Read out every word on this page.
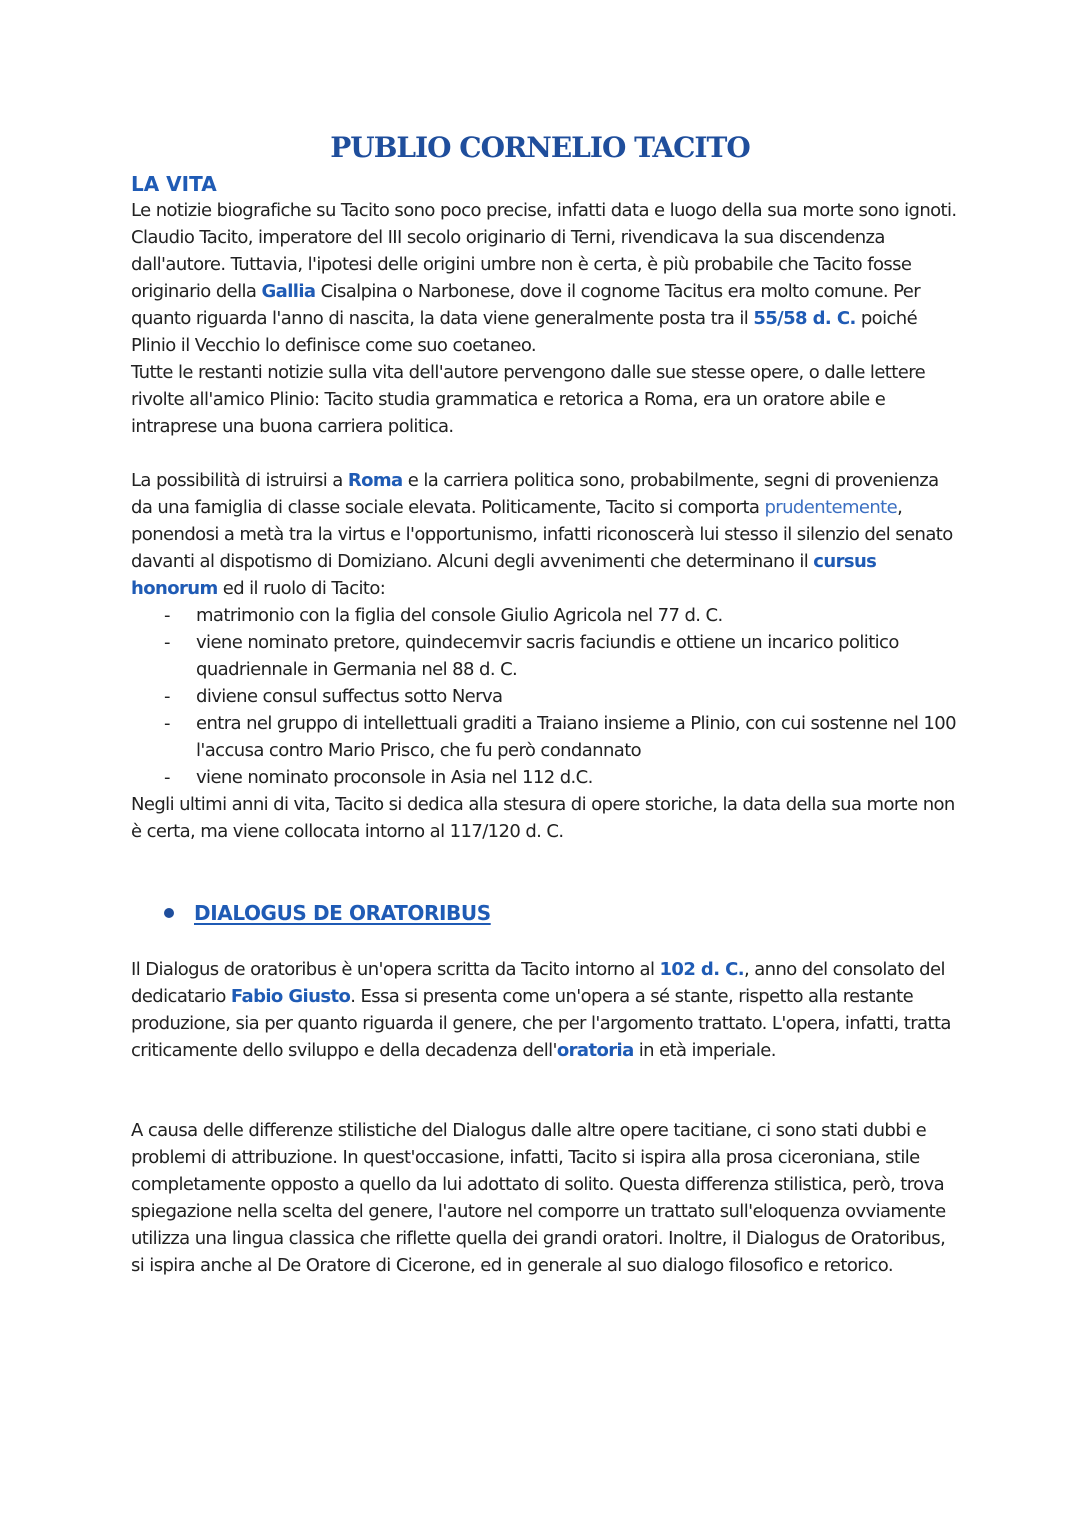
PUBLIO CORNELIO TACITO
LA VITA
Le notizie biografiche su Tacito sono poco precise, infatti data e luogo della sua morte sono ignoti. Claudio Tacito, imperatore del III secolo originario di Terni, rivendicava la sua discendenza dall'autore. Tuttavia, l'ipotesi delle origini umbre non è certa, è più probabile che Tacito fosse originario della Gallia Cisalpina o Narbonese, dove il cognome Tacitus era molto comune. Per quanto riguarda l'anno di nascita, la data viene generalmente posta tra il 55/58 d. C. poiché Plinio il Vecchio lo definisce come suo coetaneo.
Tutte le restanti notizie sulla vita dell'autore pervengono dalle sue stesse opere, o dalle lettere rivolte all'amico Plinio: Tacito studia grammatica e retorica a Roma, era un oratore abile e intraprese una buona carriera politica.
La possibilità di istruirsi a Roma e la carriera politica sono, probabilmente, segni di provenienza da una famiglia di classe sociale elevata. Politicamente, Tacito si comporta prudentemente, ponendosi a metà tra la virtus e l'opportunismo, infatti riconoscerà lui stesso il silenzio del senato davanti al dispotismo di Domiziano. Alcuni degli avvenimenti che determinano il cursus honorum ed il ruolo di Tacito:
- matrimonio con la figlia del console Giulio Agricola nel 77 d. C.
- viene nominato pretore, quindecemvir sacris faciundis e ottiene un incarico politico quadriennale in Germania nel 88 d. C.
- diviene consul suffectus sotto Nerva
- entra nel gruppo di intellettuali graditi a Traiano insieme a Plinio, con cui sostenne nel 100 l'accusa contro Mario Prisco, che fu però condannato
- viene nominato proconsole in Asia nel 112 d.C.
Negli ultimi anni di vita, Tacito si dedica alla stesura di opere storiche, la data della sua morte non è certa, ma viene collocata intorno al 117/120 d. C.
DIALOGUS DE ORATORIBUS
Il Dialogus de oratoribus è un'opera scritta da Tacito intorno al 102 d. C., anno del consolato del dedicatario Fabio Giusto. Essa si presenta come un'opera a sé stante, rispetto alla restante produzione, sia per quanto riguarda il genere, che per l'argomento trattato. L'opera, infatti, tratta criticamente dello sviluppo e della decadenza dell'oratoria in età imperiale.
A causa delle differenze stilistiche del Dialogus dalle altre opere tacitiane, ci sono stati dubbi e problemi di attribuzione. In quest'occasione, infatti, Tacito si ispira alla prosa ciceroniana, stile completamente opposto a quello da lui adottato di solito. Questa differenza stilistica, però, trova spiegazione nella scelta del genere, l'autore nel comporre un trattato sull'eloquenza ovviamente utilizza una lingua classica che riflette quella dei grandi oratori. Inoltre, il Dialogus de Oratoribus, si ispira anche al De Oratore di Cicerone, ed in generale al suo dialogo filosofico e retorico.
